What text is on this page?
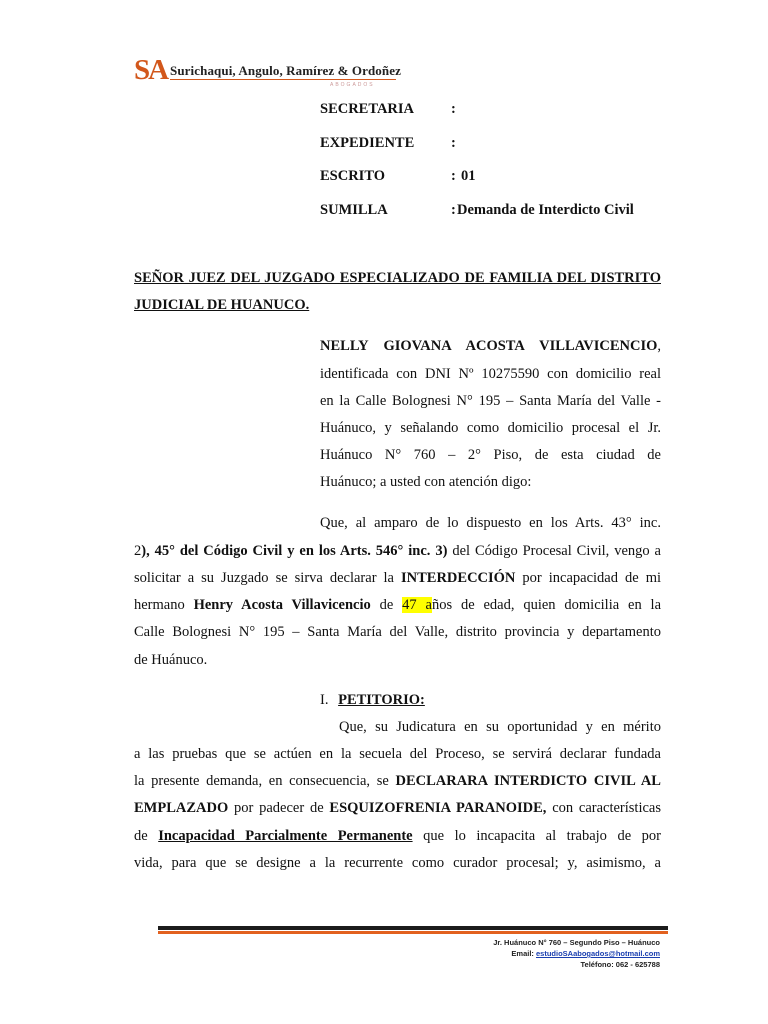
SA Surichaqui, Angulo, Ramírez & Ordoñez
ABOGADOS
SECRETARIA	:
EXPEDIENTE	:
ESCRITO	: 01
SUMILLA	: Demanda de Interdicto Civil
SEÑOR JUEZ DEL JUZGADO ESPECIALIZADO DE FAMILIA DEL DISTRITO
JUDICIAL DE HUANUCO.
NELLY GIOVANA ACOSTA VILLAVICENCIO,
identificada con DNI Nº 10275590 con domicilio real
en la Calle Bolognesi N° 195 – Santa María del Valle -
Huánuco, y señalando como domicilio procesal el Jr.
Huánuco N° 760 – 2° Piso, de esta ciudad de
Huánuco; a usted con atención digo:
Que, al amparo de lo dispuesto en los Arts. 43° inc.
2), 45° del Código Civil y en los Arts. 546° inc. 3) del Código Procesal Civil, vengo a
solicitar a su Juzgado se sirva declarar la INTERDECCIÓN por incapacidad de mi
hermano Henry Acosta Villavicencio de 47 años de edad, quien domicilia en la
Calle Bolognesi N° 195 – Santa María del Valle, distrito provincia y departamento
de Huánuco.
I. PETITORIO:
Que, su Judicatura en su oportunidad y en mérito
a las pruebas que se actúen en la secuela del Proceso, se servirá declarar fundada
la presente demanda, en consecuencia, se DECLARARA INTERDICTO CIVIL AL
EMPLAZADO por padecer de ESQUIZOFRENIA PARANOIDE, con características
de Incapacidad Parcialmente Permanente que lo incapacita al trabajo de por
vida, para que se designe a la recurrente como curador procesal; y, asimismo, a
Jr. Huánuco N° 760 – Segundo Piso – Huánuco
Email: estudioSAabogados@hotmail.com
Teléfono: 062 - 625788
